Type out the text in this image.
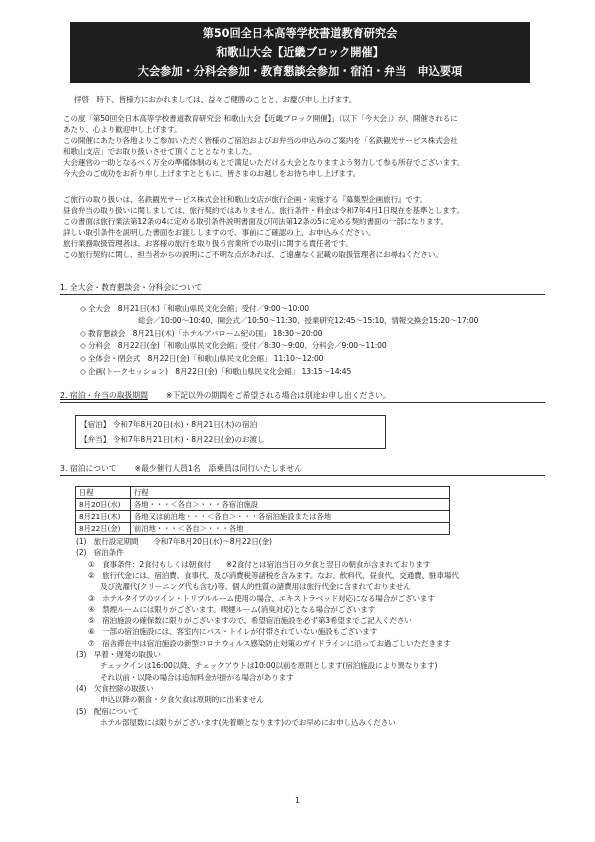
第50回全日本高等学校書道教育研究会
和歌山大会【近畿ブロック開催】
大会参加・分科会参加・教育懇談会参加・宿泊・弁当　申込要項
拝啓　時下、皆様方におかれましては、益々ご健勝のことと、お慶び申し上げます。
この度「第50回全日本高等学校書道教育研究会 和歌山大会【近畿ブロック開催】」（以下「今大会」）が、開催されるに
あたり、心より歓迎申し上げます。
この開催にあたり各地よりご参加いただく皆様のご宿泊およびお弁当の申込みのご案内を「名鉄観光サービス株式会社
和歌山支店」でお取り扱いさせて頂くこととなりました。
大会運営の一助となるべく万全の準備体制のもとで満足いただける大会となりますよう努力して参る所存でございます。
今大会のご成功をお祈り申し上げますとともに、皆さまのお越しをお待ち申し上げます。
ご旅行の取り扱いは、名鉄観光サービス株式会社和歌山支店が旅行企画・実施する『募集型企画旅行』です。
昼食弁当の取り扱いに関しましては、旅行契約ではありません。旅行条件・料金は令和7年4月1日現在を基準とします。
この書面は旅行業法第12条の4に定める取引条件説明書面及び同法第12条の5に定める契約書面の一部になります。
詳しい取引条件を説明した書面をお渡ししますので、事前にご確認の上、お申込みください。
旅行業務取扱管理者は、お客様の旅行を取り扱う営業所での取引に関する責任者です。
この旅行契約に関し、担当者からの説明にご不明な点があれば、ご遠慮なく記載の取扱管理者にお尋ねください。
1. 全大会・教育懇談会・分科会について
◇ 全大会　8月21日(木)「和歌山県民文化会館」受付／9:00～10:00
総会／10:00～10:40、開会式／10:50～11:30、授業研究12:45～15:10、情報交換会15:20～17:00
◇ 教育懇談会　8月21日(木)「ホテルアバローム紀の国」 18:30～20:00
◇ 分科会　8月22日(金)「和歌山県民文化会館」受付／8:30～9:00、分科会／9:00～11:00
◇ 全体会・閉会式　8月22日(金)「和歌山県民文化会館」 11:10～12:00
◇ 企画(トークセッション)　8月22日(金)「和歌山県民文化会館」 13:15～14:45
2. 宿泊・弁当の取扱期間 ※下記以外の期間をご希望される場合は別途お申し出ください。
【宿泊】 令和7年8月20日(水)・8月21日(木)の宿泊
【弁当】 令和7年8月21日(木)・8月22日(金)のお渡し
3. 宿泊について ※最少催行人員1名　添乗員は同行いたしません
日程	行程
8月20日(水)	各地・・・＜各自＞・・・各宿泊施設
8月21日(木)	各地又は前泊地・・・＜各自＞・・・各宿泊施設または各地
8月22日(金)	前泊地・・・＜各自＞・・・各地
(1)　旅行設定期間　　令和7年8月20日(水)～8月22日(金)
(2)　宿泊条件
①　食事条件：2食付もしくは朝食付　　※2食付とは宿泊当日の夕食と翌日の朝食が含まれております
②　旅行代金には、宿泊費、食事代、及び消費税等諸税を含みます。なお、飲料代、昼食代、交通費、駐車場代
及び洗濯代(クリーニング代も含む)等、個人的性質の諸費用は旅行代金に含まれておりません
③　ホテルタイプのツイン・トリプルルーム使用の場合、エキストラベッド対応になる場合がございます
④　禁煙ルームには限りがございます。喫煙ルーム(消臭対応)となる場合がございます
⑤　宿泊施設の確保数に限りがございますので、希望宿泊施設を必ず第3希望までご記入ください
⑥　一部の宿泊施設には、客室内にバス・トイレが付帯されていない施設もございます
⑦　宿舎滞在中は宿泊施設の新型コロナウィルス感染防止対策のガイドラインに沿ってお過ごしいただきます
(3)　早着・遅発の取扱い
チェックインは16:00以降、チェックアウトは10:00以前を原則とします(宿泊施設により異なります)
それ以前・以降の場合は追加料金が掛かる場合があります
(4)　欠食控除の取扱い
申込以降の朝食・夕食欠食は原則的に出来ません
(5)　配宿について
ホテル部屋数には限りがございます(先着順となります)のでお早めにお申し込みください
1
